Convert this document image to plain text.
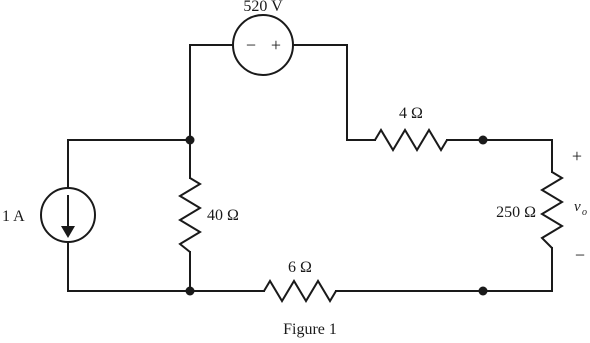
− +
520 V
1 A
4 Ω
40 Ω
6 Ω
250 Ω
+
−
v o
Figure 1
